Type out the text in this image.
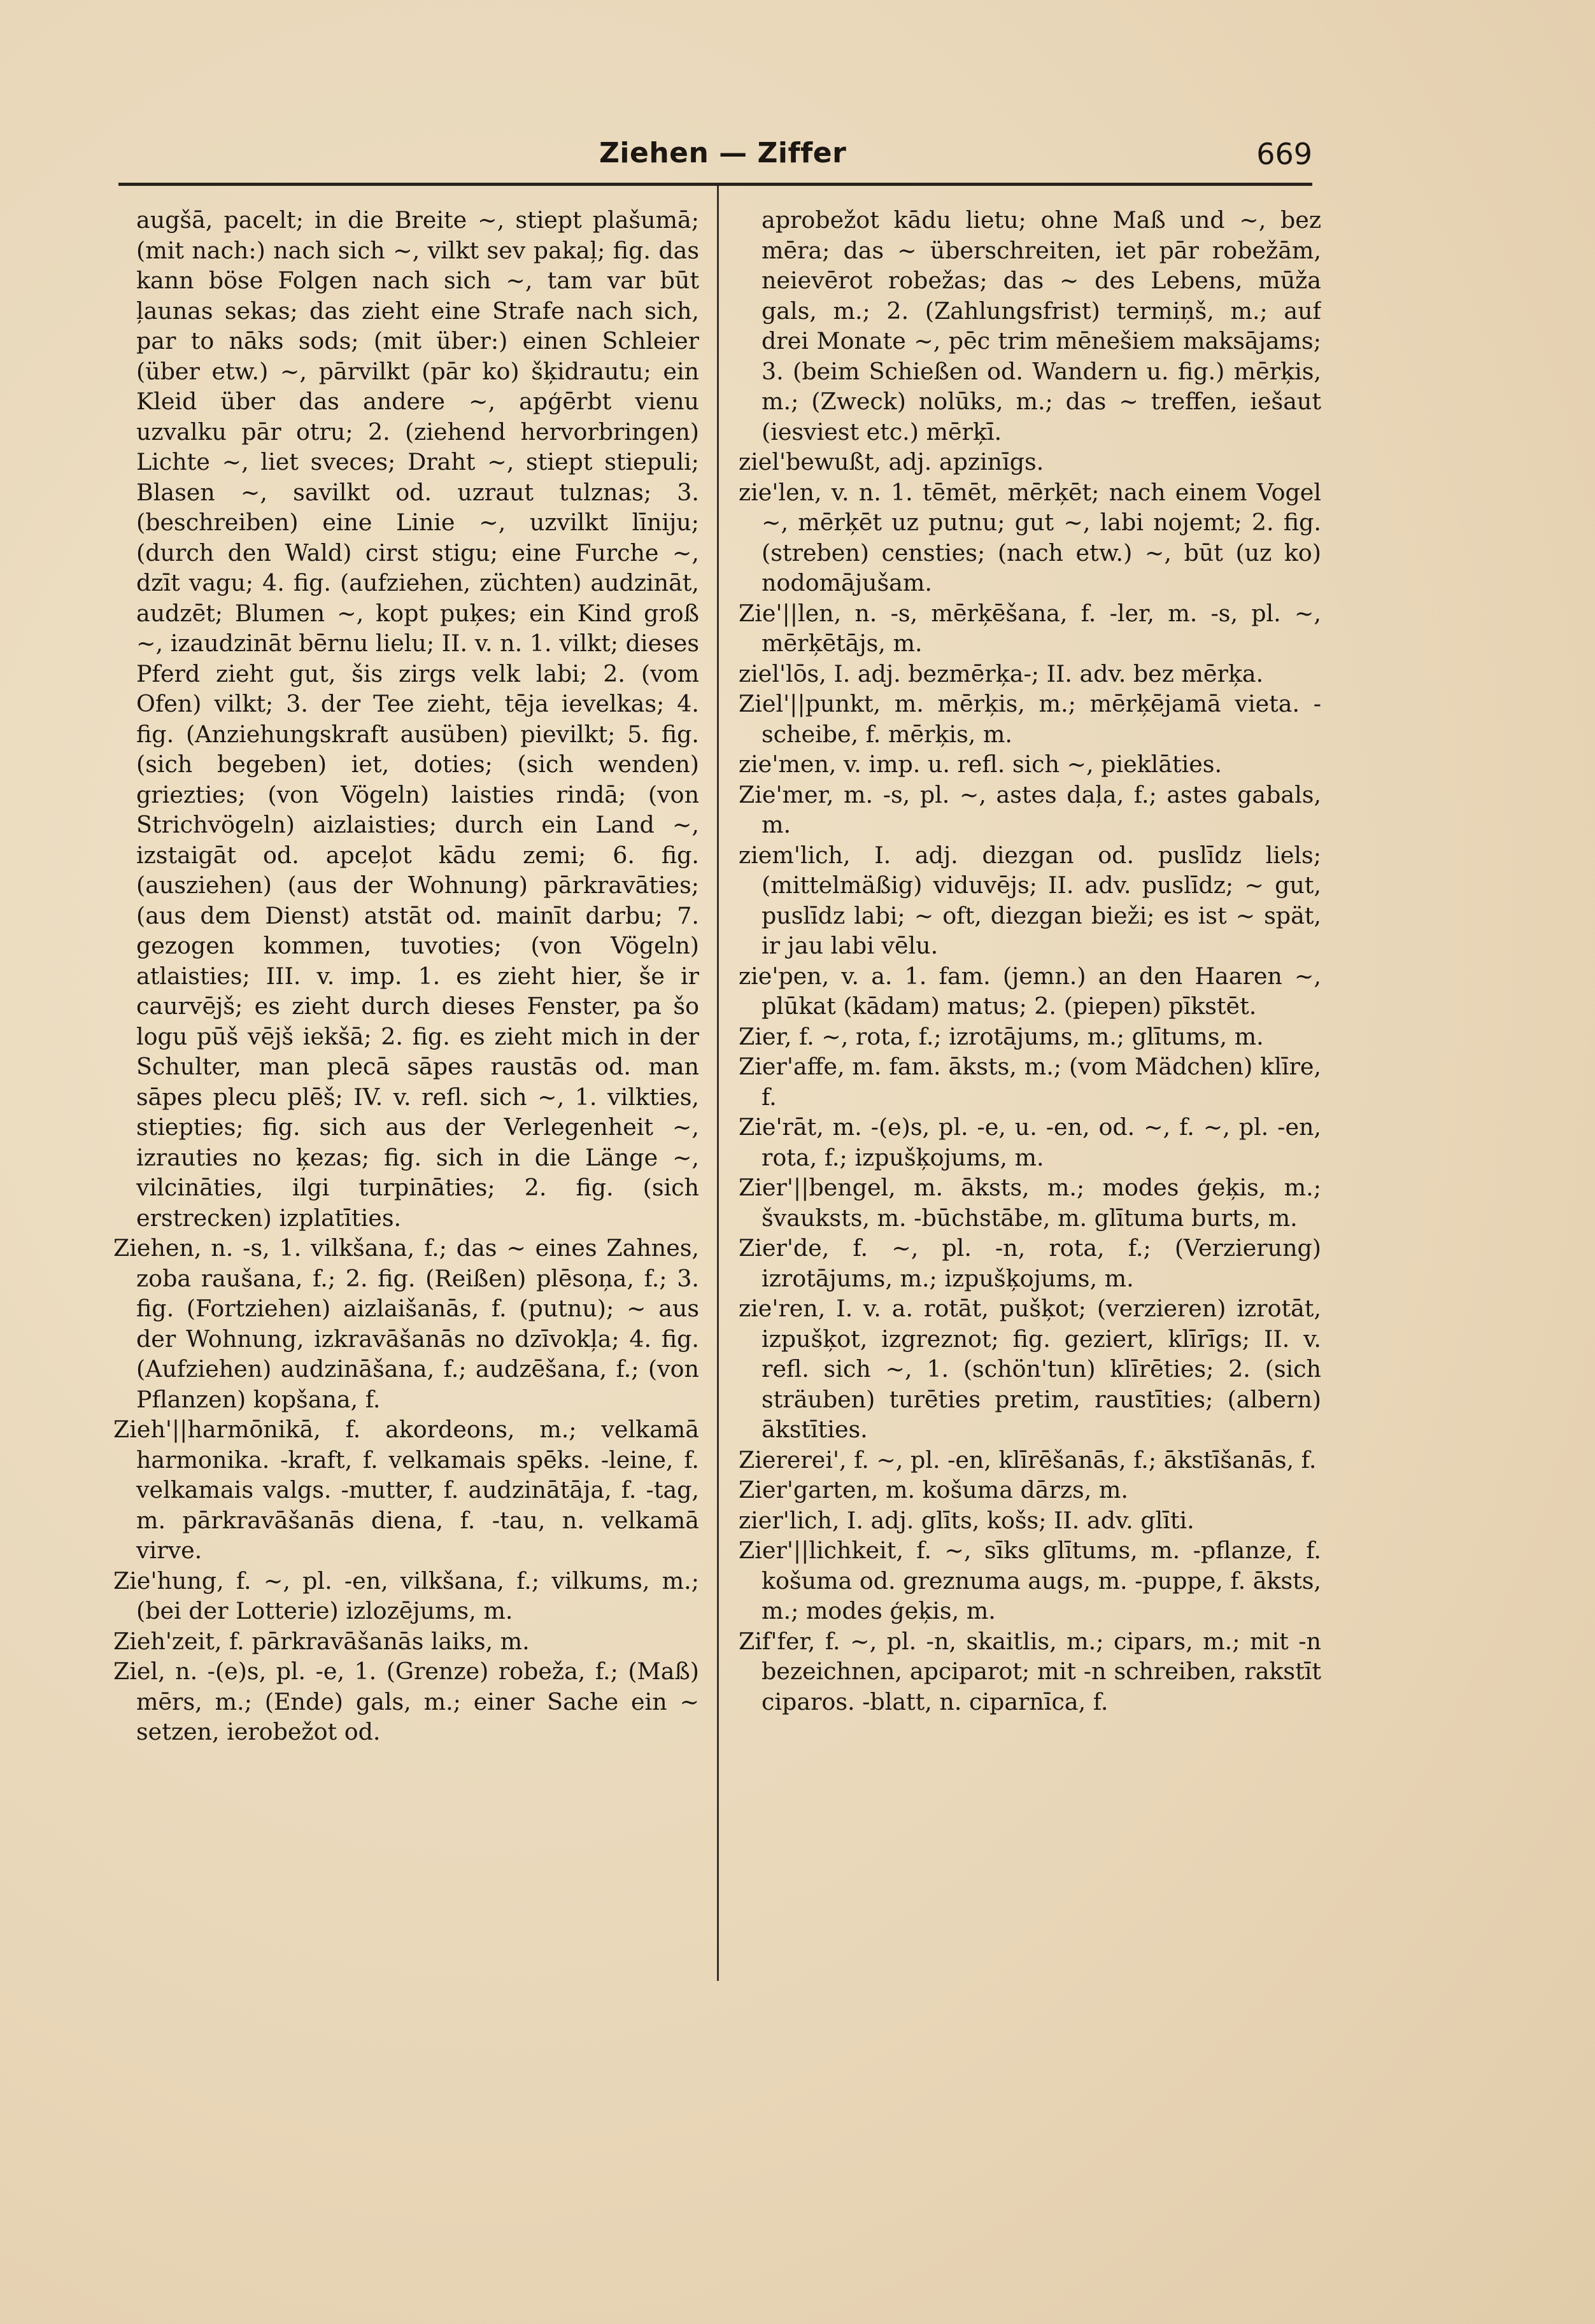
Ziehen — Ziffer	669

augšā, pacelt; in die Breite ~, stiept plašumā; (mit nach:) nach sich ~, vilkt sev pakaļ; fig. das kann böse Folgen nach sich ~, tam var būt ļaunas sekas; das zieht eine Strafe nach sich, par to nāks sods; (mit über:) einen Schleier (über etw.) ~, pārvilkt (pār ko) šķidrautu; ein Kleid über das andere ~, apģērbt vienu uzvalku pār otru; 2. (ziehend hervorbringen) Lichte ~, liet sveces; Draht ~, stiept stiepuli; Blasen ~, savilkt od. uzraut tulznas; 3. (beschreiben) eine Linie ~, uzvilkt līniju; (durch den Wald) cirst stigu; eine Furche ~, dzīt vagu; 4. fig. (aufziehen, züchten) audzināt, audzēt; Blumen ~, kopt puķes; ein Kind groß ~, izaudzināt bērnu lielu; II. v. n. 1. vilkt; dieses Pferd zieht gut, šis zirgs velk labi; 2. (vom Ofen) vilkt; 3. der Tee zieht, tēja ievelkas; 4. fig. (Anziehungskraft ausüben) pievilkt; 5. fig. (sich begeben) iet, doties; (sich wenden) griezties; (von Vögeln) laisties rindā; (von Strichvögeln) aizlaisties; durch ein Land ~, izstaigāt od. apceļot kādu zemi; 6. fig. (ausziehen) (aus der Wohnung) pārkravāties; (aus dem Dienst) atstāt od. mainīt darbu; 7. gezogen kommen, tuvoties; (von Vögeln) atlaisties; III. v. imp. 1. es zieht hier, še ir caurvējš; es zieht durch dieses Fenster, pa šo logu pūš vējš iekšā; 2. fig. es zieht mich in der Schulter, man plecā sāpes raustās od. man sāpes plecu plēš; IV. v. refl. sich ~, 1. vilkties, stiepties; fig. sich aus der Verlegenheit ~, izrauties no ķezas; fig. sich in die Länge ~, vilcināties, ilgi turpināties; 2. fig. (sich erstrecken) izplatīties.

Ziehen, n. -s, 1. vilkšana, f.; das ~ eines Zahnes, zoba raušana, f.; 2. fig. (Reißen) plēsoņa, f.; 3. fig. (Fortziehen) aizlaišanās, f. (putnu); ~ aus der Wohnung, izkravāšanās no dzīvokļa; 4. fig. (Aufziehen) audzināšana, f.; audzēšana, f.; (von Pflanzen) kopšana, f.

Zieh'||harmōnikā, f. akordeons, m.; velkamā harmonika. -kraft, f. velkamais spēks. -leine, f. velkamais valgs. -mutter, f. audzinātāja, f. -tag, m. pārkravāšanās diena, f. -tau, n. velkamā virve.

Zie'hung, f. ~, pl. -en, vilkšana, f.; vilkums, m.; (bei der Lotterie) izlozējums, m.

Zieh'zeit, f. pārkravāšanās laiks, m.

Ziel, n. -(e)s, pl. -e, 1. (Grenze) robeža, f.; (Maß) mērs, m.; (Ende) gals, m.; einer Sache ein ~ setzen, ierobežot od.

aprobežot kādu lietu; ohne Maß und ~, bez mēra; das ~ überschreiten, iet pār robežām, neievērot robežas; das ~ des Lebens, mūža gals, m.; 2. (Zahlungsfrist) termiņš, m.; auf drei Monate ~, pēc trim mēnešiem maksājams; 3. (beim Schießen od. Wandern u. fig.) mērķis, m.; (Zweck) nolūks, m.; das ~ treffen, iešaut (iesviest etc.) mērķī.

ziel'bewußt, adj. apzinīgs.

zie'len, v. n. 1. tēmēt, mērķēt; nach einem Vogel ~, mērķēt uz putnu; gut ~, labi nojemt; 2. fig. (streben) censties; (nach etw.) ~, būt (uz ko) nodomājušam.

Zie'||len, n. -s, mērķēšana, f. -ler, m. -s, pl. ~, mērķētājs, m.

ziel'lōs, I. adj. bezmērķa-; II. adv. bez mērķa.

Ziel'||punkt, m. mērķis, m.; mērķējamā vieta. -scheibe, f. mērķis, m.

zie'men, v. imp. u. refl. sich ~, pieklāties.

Zie'mer, m. -s, pl. ~, astes daļa, f.; astes gabals, m.

ziem'lich, I. adj. diezgan od. puslīdz liels; (mittelmäßig) viduvējs; II. adv. puslīdz; ~ gut, puslīdz labi; ~ oft, diezgan bieži; es ist ~ spät, ir jau labi vēlu.

zie'pen, v. a. 1. fam. (jemn.) an den Haaren ~, plūkat (kādam) matus; 2. (piepen) pīkstēt.

Zier, f. ~, rota, f.; izrotājums, m.; glītums, m.

Zier'affe, m. fam. āksts, m.; (vom Mädchen) klīre, f.

Zie'rāt, m. -(e)s, pl. -e, u. -en, od. ~, f. ~, pl. -en, rota, f.; izpušķojums, m.

Zier'||bengel, m. āksts, m.; modes ģeķis, m.; švauksts, m. -būchstābe, m. glītuma burts, m.

Zier'de, f. ~, pl. -n, rota, f.; (Verzierung) izrotājums, m.; izpušķojums, m.

zie'ren, I. v. a. rotāt, pušķot; (verzieren) izrotāt, izpušķot, izgreznot; fig. geziert, klīrīgs; II. v. refl. sich ~, 1. (schön'tun) klīrēties; 2. (sich sträuben) turēties pretim, raustīties; (albern) ākstīties.

Ziererei', f. ~, pl. -en, klīrēšanās, f.; ākstīšanās, f.

Zier'garten, m. košuma dārzs, m.

zier'lich, I. adj. glīts, košs; II. adv. glīti.

Zier'||lichkeit, f. ~, sīks glītums, m. -pflanze, f. košuma od. greznuma augs, m. -puppe, f. āksts, m.; modes ģeķis, m.

Zif'fer, f. ~, pl. -n, skaitlis, m.; cipars, m.; mit -n bezeichnen, apciparot; mit -n schreiben, rakstīt ciparos. -blatt, n. ciparnīca, f.
